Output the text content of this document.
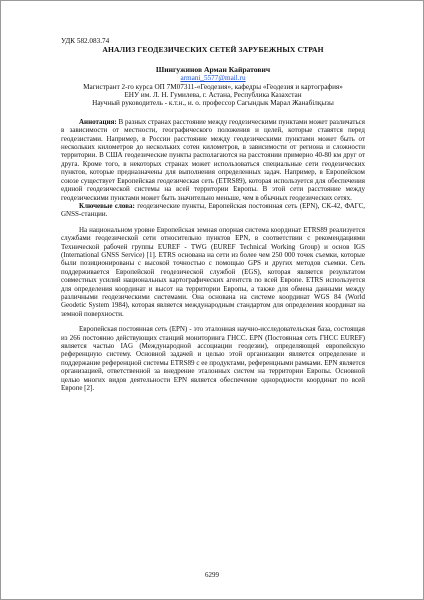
УДК 582.083.74
АНАЛИЗ ГЕОДЕЗИЧЕСКИХ СЕТЕЙ ЗАРУБЕЖНЫХ СТРАН
Шингужинов Арман Кайратович
armani_5577@mail.ru
Магистрант 2-го курса ОП 7М07311-«Геодезия», кафедры «Геодезия и картография»
ЕНУ им. Л. Н. Гумилева, г. Астана, Республика Казахстан
Научный руководитель - к.т.н., и. о. профессор Сагындык Марал Жанабілқызы

Аннотация: В разных странах расстояние между геодезическими пунктами может различаться в зависимости от местности, географического положения и целей, которые ставятся перед геодезистами. Например, в России расстояние между геодезическими пунктами может быть от нескольких километров до нескольких сотен километров, в зависимости от региона и сложности территории. В США геодезические пункты располагаются на расстоянии примерно 40-80 км друг от друга. Кроме того, в некоторых странах может использоваться специальные сети геодезических пунктов, которые предназначены для выполнения определенных задач. Например, в Европейском союзе существует Европейская геодезическая сеть (ETRS89), которая используется для обеспечения единой геодезической системы на всей территории Европы. В этой сети расстояние между геодезическими пунктами может быть значительно меньше, чем в обычных геодезических сетях.

Ключевые слова: геодезические пункты, Европейская постоянная сеть (EPN), СК-42, ФАГС, GNSS-станции.

На национальном уровне Европейская земная опорная система координат ETRS89 реализуется службами геодезической сети относительно пунктов EPN, в соответствии с рекомендациями Технической рабочей группы EUREF - TWG (EUREF Technical Working Group) и основ IGS (International GNSS Service) [1]. ETRS основана на сети из более чем 250 000 точек съемки, которые были позиционированы с высокой точностью с помощью GPS и других методов съемки. Сеть поддерживается Европейской геодезической службой (EGS), которая является результатом совместных усилий национальных картографических агентств по всей Европе. ETRS используется для определения координат и высот на территории Европы, а также для обмена данными между различными геодезическими системами. Она основана на системе координат WGS 84 (World Geodetic System 1984), которая является международным стандартом для определения координат на земной поверхности.

Европейская постоянная сеть (EPN) - это эталонная научно-исследовательская база, состоящая из 266 постоянно действующих станций мониторинга ГНСС. EPN (Постоянная сеть ГНСС EUREF) является частью IAG (Международной ассоциации геодезии), определяющей европейскую референцную систему. Основной задачей и целью этой организации является определение и поддержание референцной системы ETRS89 с ее продуктами, референцными рамками. EPN является организацией, ответственной за внедрение эталонных систем на территории Европы. Основной целью многих видов деятельности EPN является обеспечение однородности координат по всей Европе [2].

6299
